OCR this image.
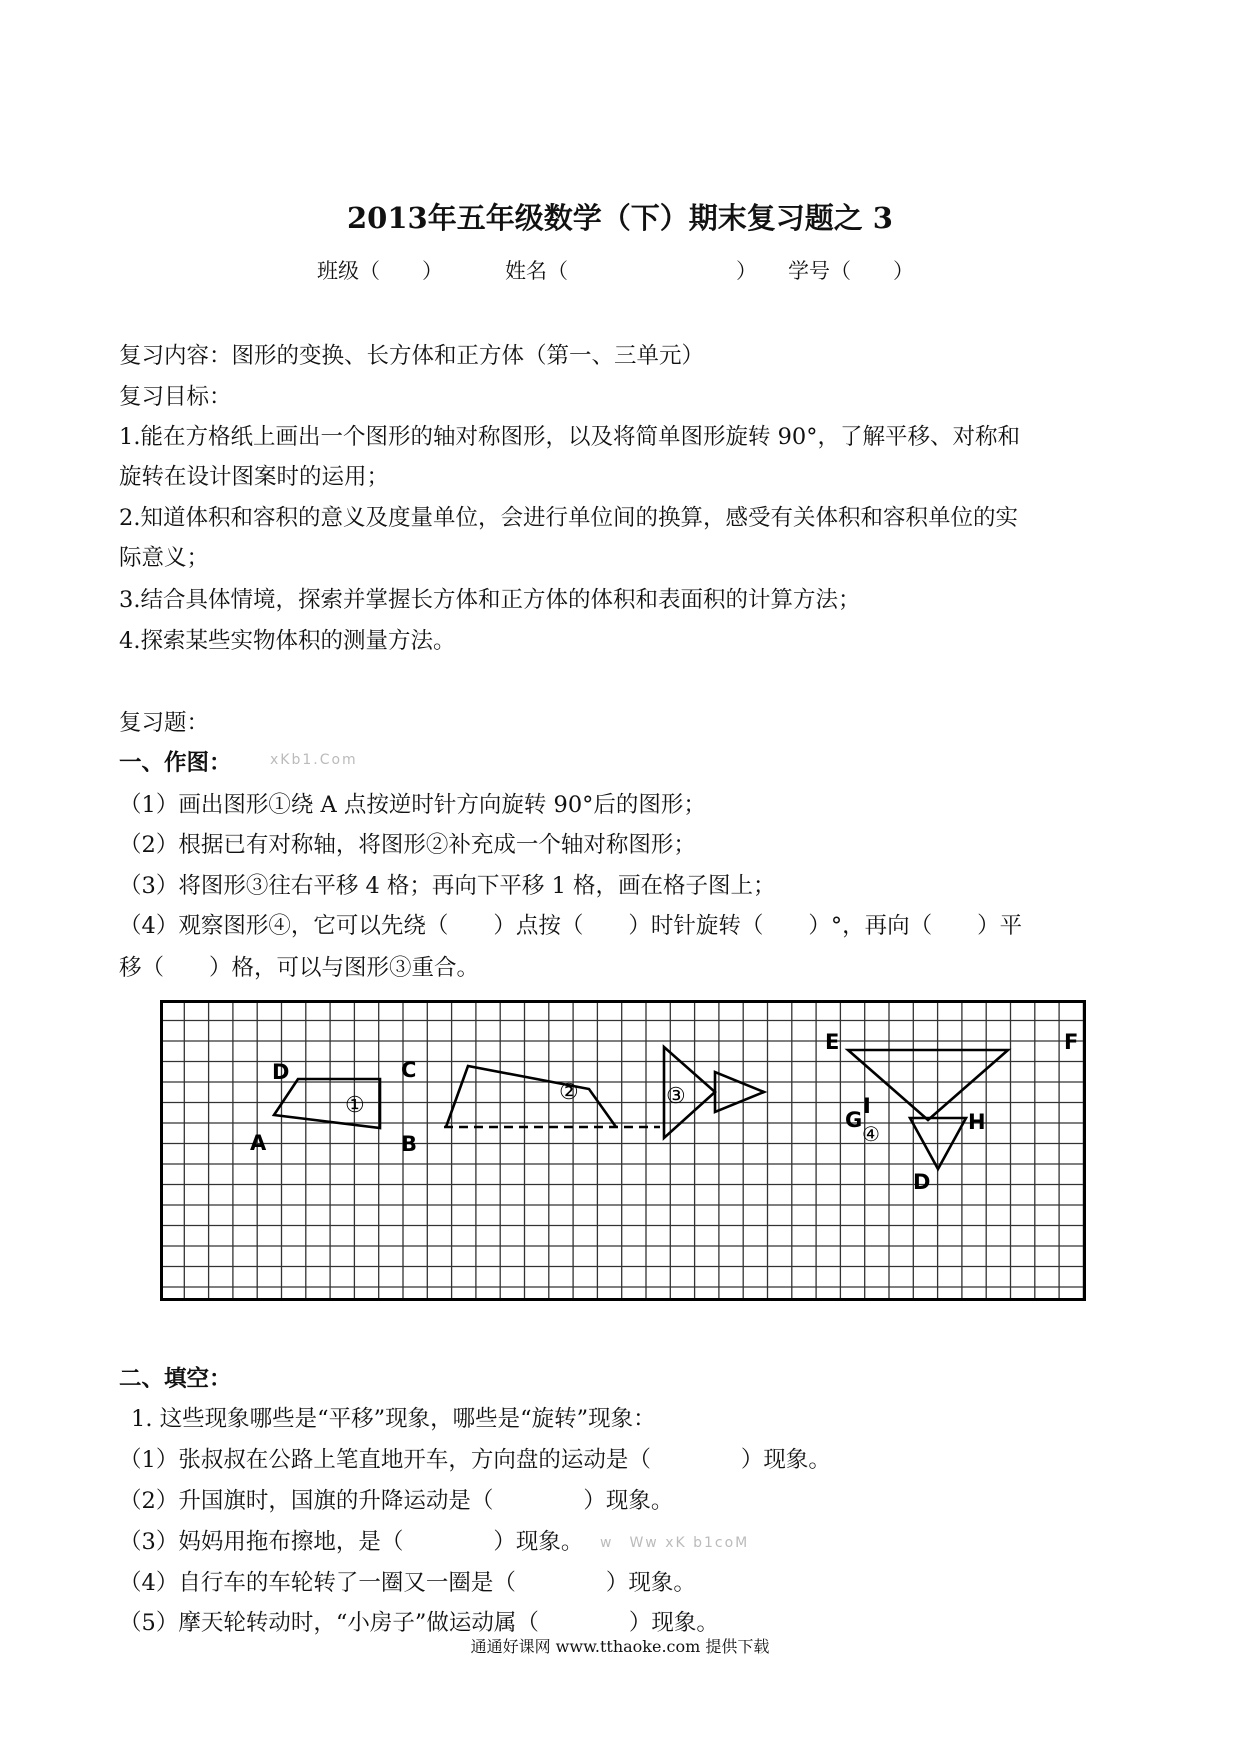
2013年五年级数学（下）期末复习题之 3
班级（　　）	姓名（　　　　　　　　） 学号（　　）
复习内容：图形的变换、长方体和正方体（第一、三单元）
复习目标：
1.能在方格纸上画出一个图形的轴对称图形，以及将简单图形旋转 90°，了解平移、对称和
旋转在设计图案时的运用；
2.知道体积和容积的意义及度量单位，会进行单位间的换算，感受有关体积和容积单位的实
际意义；
3.结合具体情境，探索并掌握长方体和正方体的体积和表面积的计算方法；
4.探索某些实物体积的测量方法。
复习题：
一、作图：	xKb1.Com
（1）画出图形①绕 A 点按逆时针方向旋转 90°后的图形；
（2）根据已有对称轴，将图形②补充成一个轴对称图形；
（3）将图形③往右平移 4 格；再向下平移 1 格，画在格子图上；
（4）观察图形④，它可以先绕（　　）点按（　　）时针旋转（　　）°，再向（　　）平
移（　　）格，可以与图形③重合。
D	C
A	B
①
②	③
E	F
I
G	H
④
D
二、填空：
1. 这些现象哪些是“平移”现象，哪些是“旋转”现象：
（1）张叔叔在公路上笔直地开车，方向盘的运动是（　　　　）现象。
（2）升国旗时，国旗的升降运动是（　　　　）现象。
（3）妈妈用拖布擦地，是（　　　　）现象。 w　Ww xK b1coM
（4）自行车的车轮转了一圈又一圈是（　　　　）现象。
（5）摩天轮转动时，“小房子”做运动属（　　　　）现象。
通通好课网 www.tthaoke.com 提供下载
